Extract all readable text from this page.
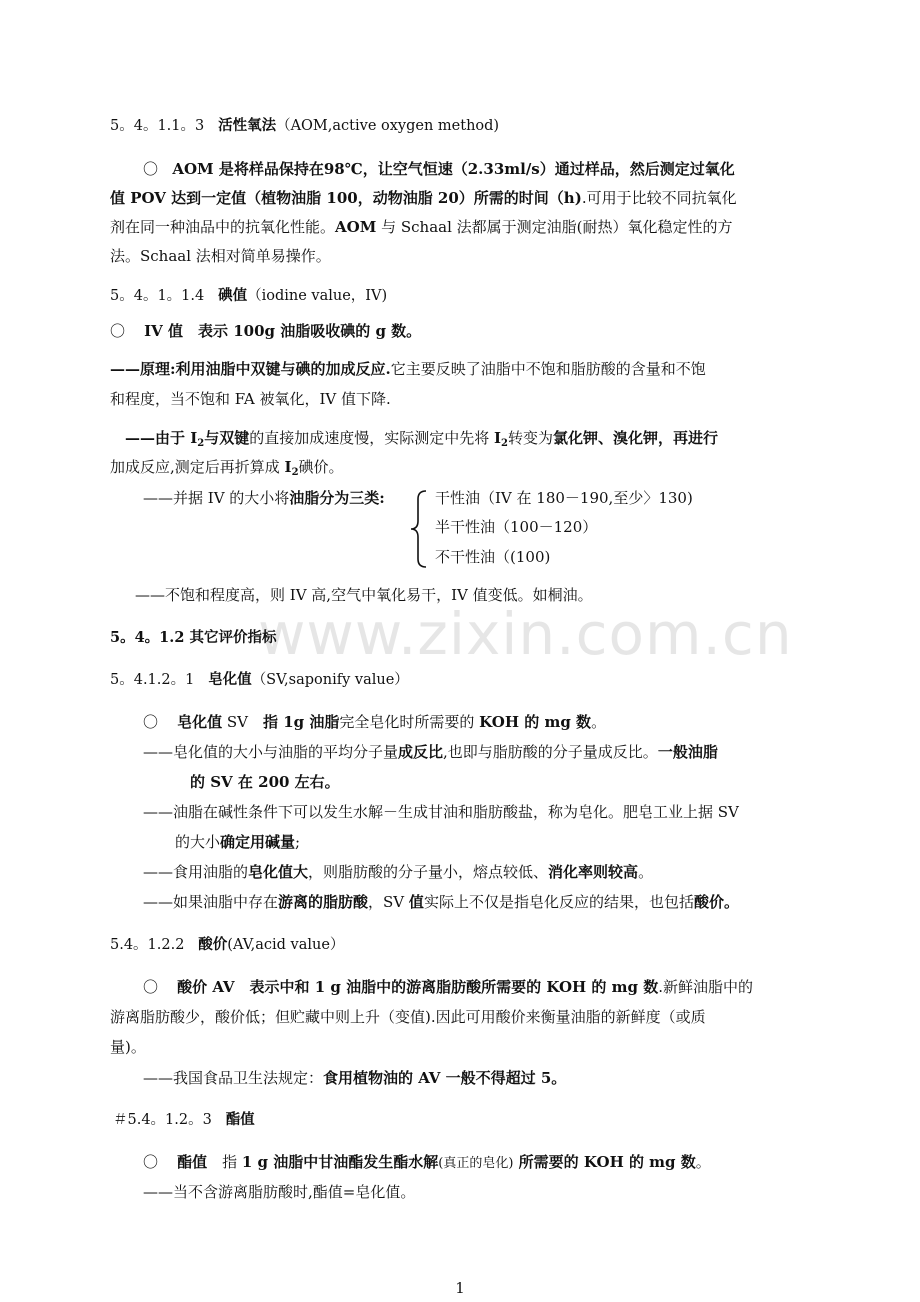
www.zixin.com.cn
5。4。1.1。3 活性氧法（AOM,active oxygen method)
〇 AOM 是将样品保持在98℃，让空气恒速（2.33ml/s）通过样品，然后测定过氧化
值 POV 达到一定值（植物油脂 100，动物油脂 20）所需的时间（h).可用于比较不同抗氧化
剂在同一种油品中的抗氧化性能。AOM 与 Schaal 法都属于测定油脂(耐热）氧化稳定性的方
法。Schaal 法相对简单易操作。
5。4。1。1.4 碘值（iodine value，IV)
〇 IV 值　表示 100g 油脂吸收碘的 g 数。
——原理:利用油脂中双键与碘的加成反应.它主要反映了油脂中不饱和脂肪酸的含量和不饱
和程度，当不饱和 FA 被氧化，IV 值下降.
——由于 $I_2$与双键的直接加成速度慢，实际测定中先将 $I_2$转变为氯化钾、溴化钾，再进行
加成反应,测定后再折算成 $I_2$碘价。
——并据 IV 的大小将油脂分为三类:	干性油（IV 在 180－190,至少〉130)
半干性油（100－120）
不干性油（(100)
——不饱和程度高，则 IV 高,空气中氧化易干，IV 值变低。如桐油。
5。4。1.2 其它评价指标
5。4.1.2。1 皂化值（SV,saponify value）
〇 皂化值 SV　指 1g 油脂完全皂化时所需要的 KOH 的 mg 数。
——皂化值的大小与油脂的平均分子量成反比,也即与脂肪酸的分子量成反比。一般油脂
的 SV 在 200 左右。
——油脂在碱性条件下可以发生水解－生成甘油和脂肪酸盐，称为皂化。肥皂工业上据 SV
的大小确定用碱量;
——食用油脂的皂化值大，则脂肪酸的分子量小，熔点较低、消化率则较高。
——如果油脂中存在游离的脂肪酸，SV 值实际上不仅是指皂化反应的结果，也包括酸价。
5.4。1.2.2 酸价(AV,acid value）
〇 酸价 AV　表示中和 1 g 油脂中的游离脂肪酸所需要的 KOH 的 mg 数.新鲜油脂中的
游离脂肪酸少，酸价低；但贮藏中则上升（变值).因此可用酸价来衡量油脂的新鲜度（或质
量)。
——我国食品卫生法规定：食用植物油的 AV 一般不得超过 5。
＃5.4。1.2。3 酯值
〇 酯值　指 1 g 油脂中甘油酯发生酯水解(真正的皂化) 所需要的 KOH 的 mg 数。
——当不含游离脂肪酸时,酯值=皂化值。
1
